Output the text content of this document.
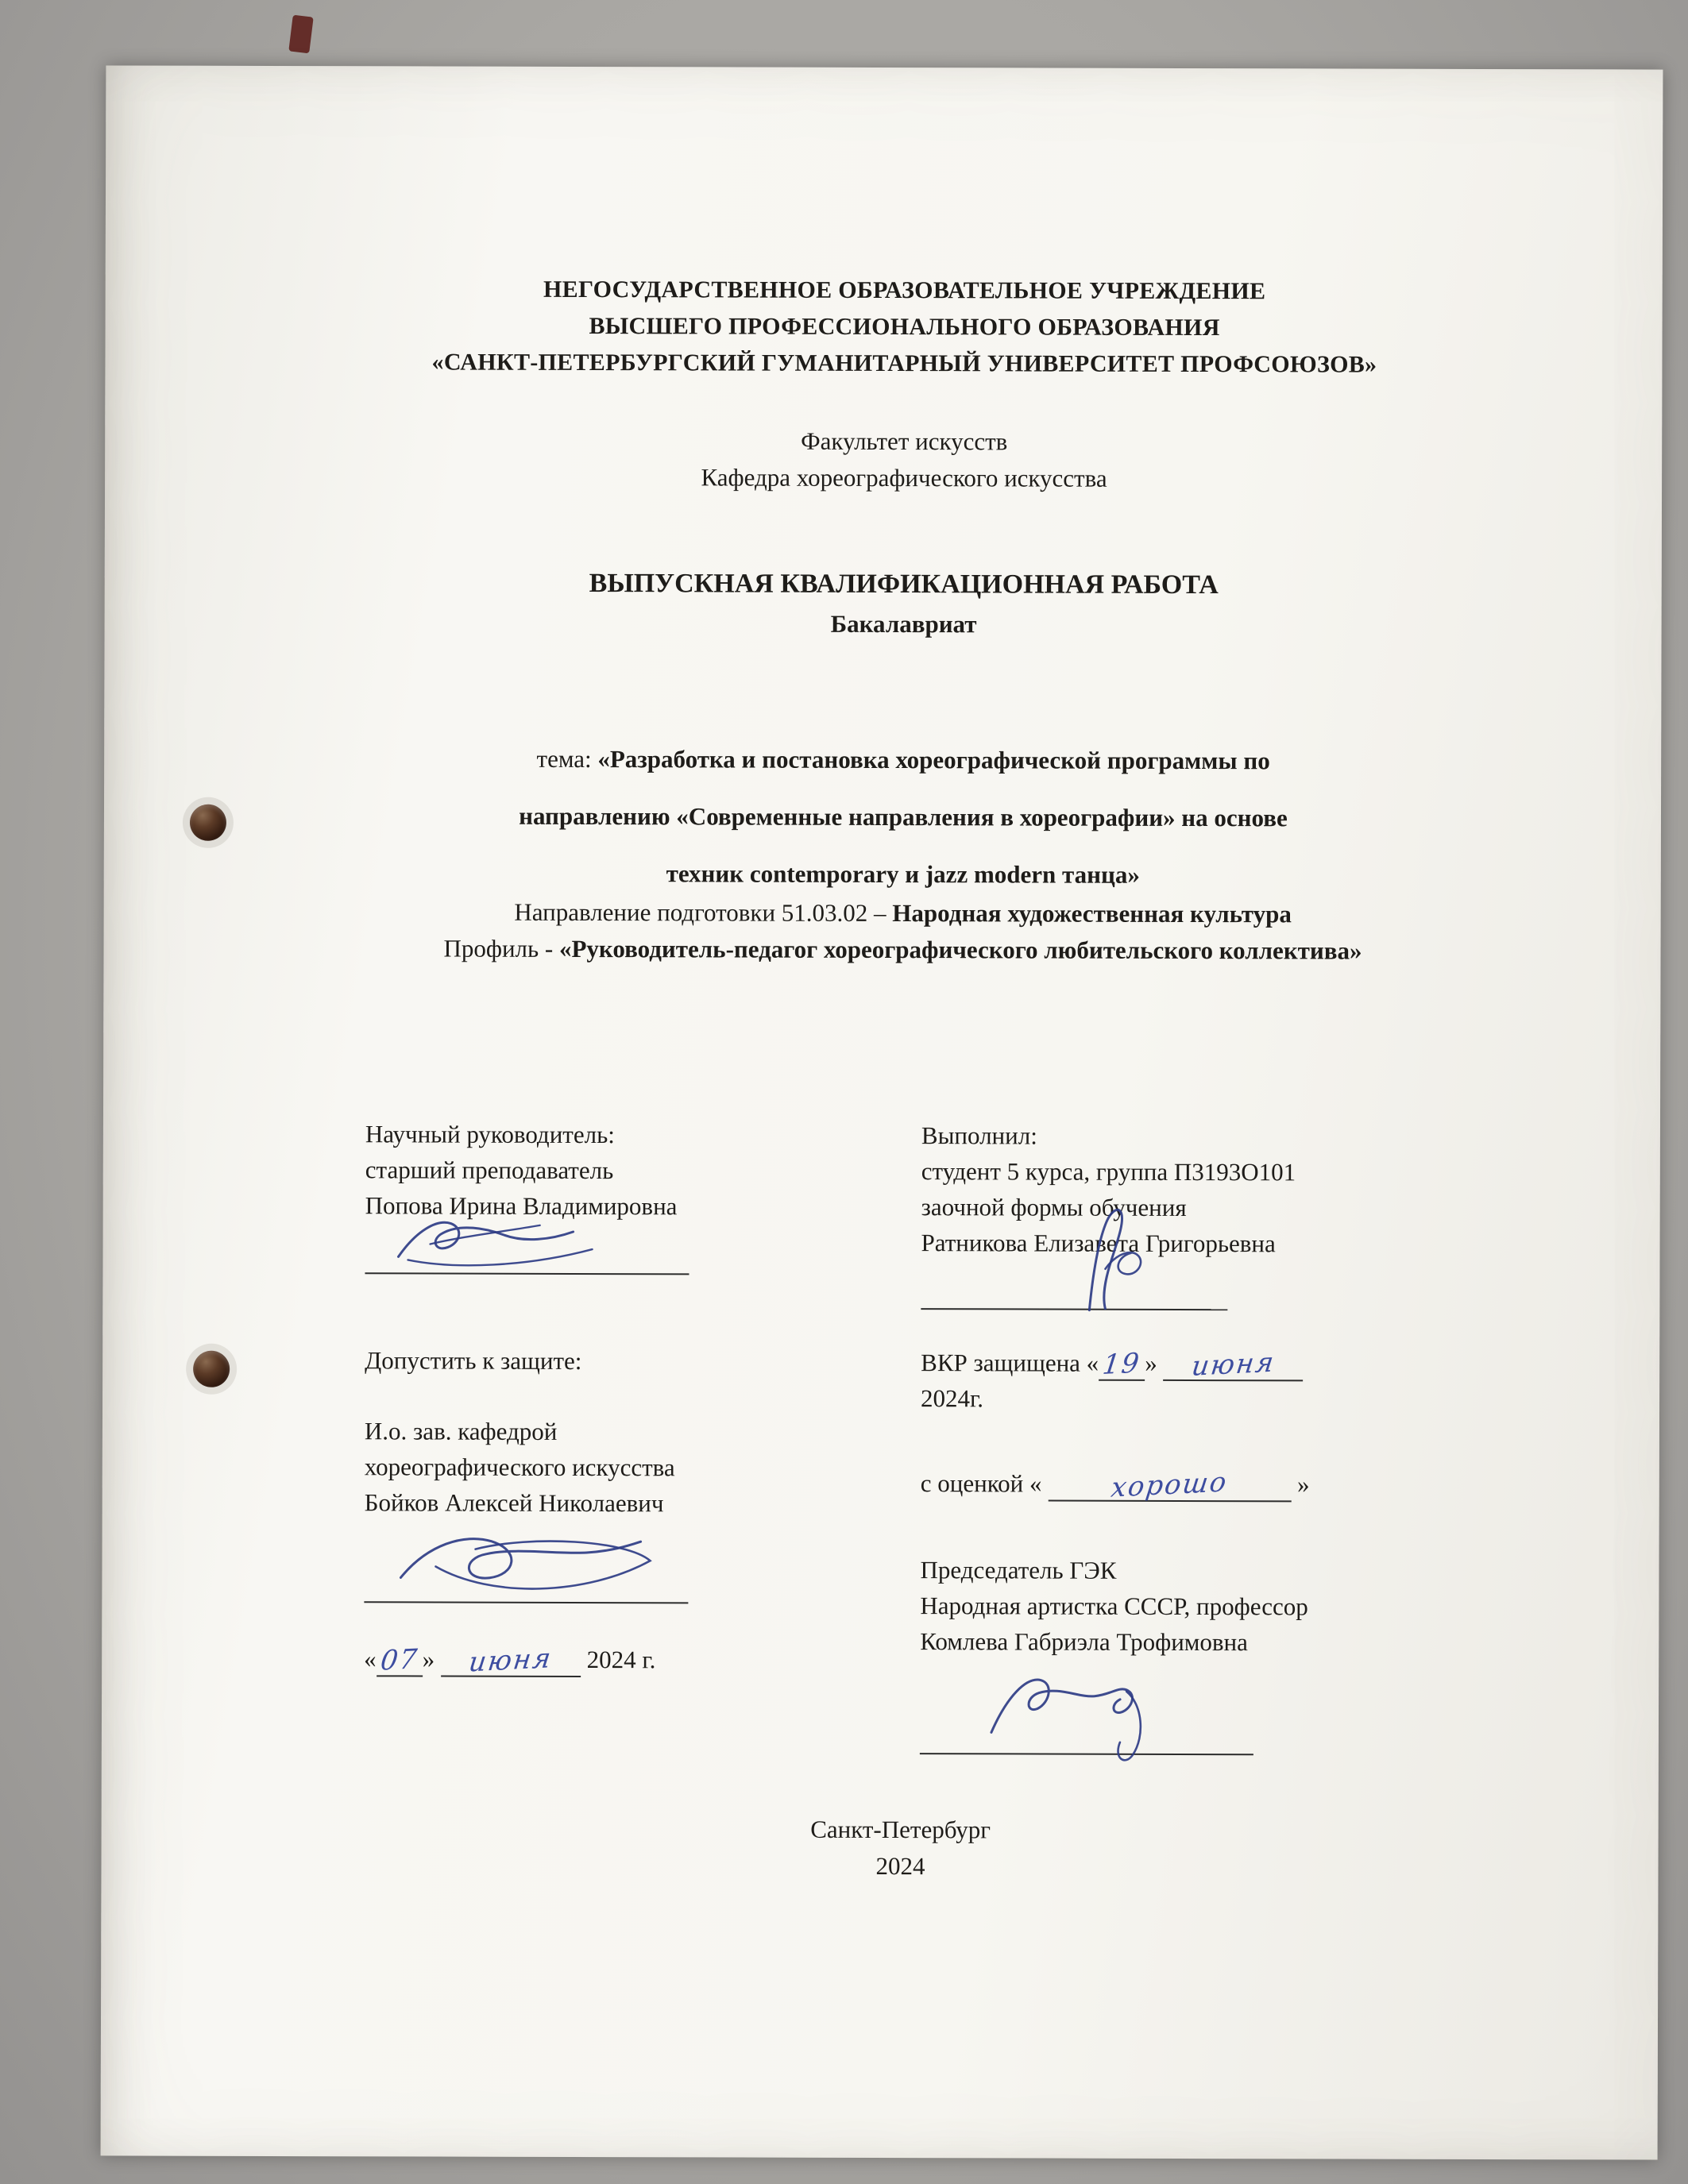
НЕГОСУДАРСТВЕННОЕ ОБРАЗОВАТЕЛЬНОЕ УЧРЕЖДЕНИЕ
ВЫСШЕГО ПРОФЕССИОНАЛЬНОГО ОБРАЗОВАНИЯ
«САНКТ-ПЕТЕРБУРГСКИЙ ГУМАНИТАРНЫЙ УНИВЕРСИТЕТ ПРОФСОЮЗОВ»
Факультет искусств
Кафедра хореографического искусства
ВЫПУСКНАЯ КВАЛИФИКАЦИОННАЯ РАБОТА
Бакалавриат
тема: «Разработка и постановка хореографической программы по
направлению «Современные направления в хореографии» на основе
техник contemporary и jazz modern танца»
Направление подготовки 51.03.02 – Народная художественная культура
Профиль - «Руководитель-педагог хореографического любительского коллектива»
Научный руководитель:
старший преподаватель
Попова Ирина Владимировна
Допустить к защите:
И.о. зав. кафедрой
хореографического искусства
Бойков Алексей Николаевич
«07» июня 2024 г.
Выполнил:
студент 5 курса, группа П3193О101
заочной формы обучения
Ратникова Елизавета Григорьевна
ВКР защищена «19» июня
2024г.
с оценкой «	хорошо	»
Председатель ГЭК
Народная артистка СССР, профессор
Комлева Габриэла Трофимовна
Санкт-Петербург
2024
